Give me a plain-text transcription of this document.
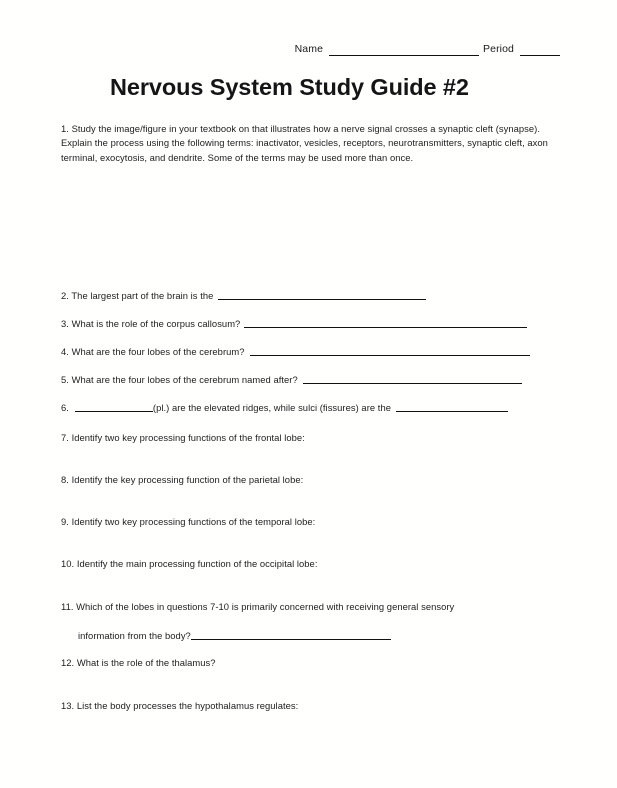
Name	Period
Nervous System Study Guide #2
1. Study the image/figure in your textbook on that illustrates how a nerve signal crosses a synaptic cleft (synapse). Explain the process using the following terms: inactivator, vesicles, receptors, neurotransmitters, synaptic cleft, axon terminal, exocytosis, and dendrite. Some of the terms may be used more than once.
2. The largest part of the brain is the
3. What is the role of the corpus callosum?
4. What are the four lobes of the cerebrum?
5. What are the four lobes of the cerebrum named after?
6.	(pl.) are the elevated ridges, while sulci (fissures) are the
7. Identify two key processing functions of the frontal lobe:
8. Identify the key processing function of the parietal lobe:
9. Identify two key processing functions of the temporal lobe:
10. Identify the main processing function of the occipital lobe:
11. Which of the lobes in questions 7-10 is primarily concerned with receiving general sensory
information from the body?
12. What is the role of the thalamus?
13. List the body processes the hypothalamus regulates:
